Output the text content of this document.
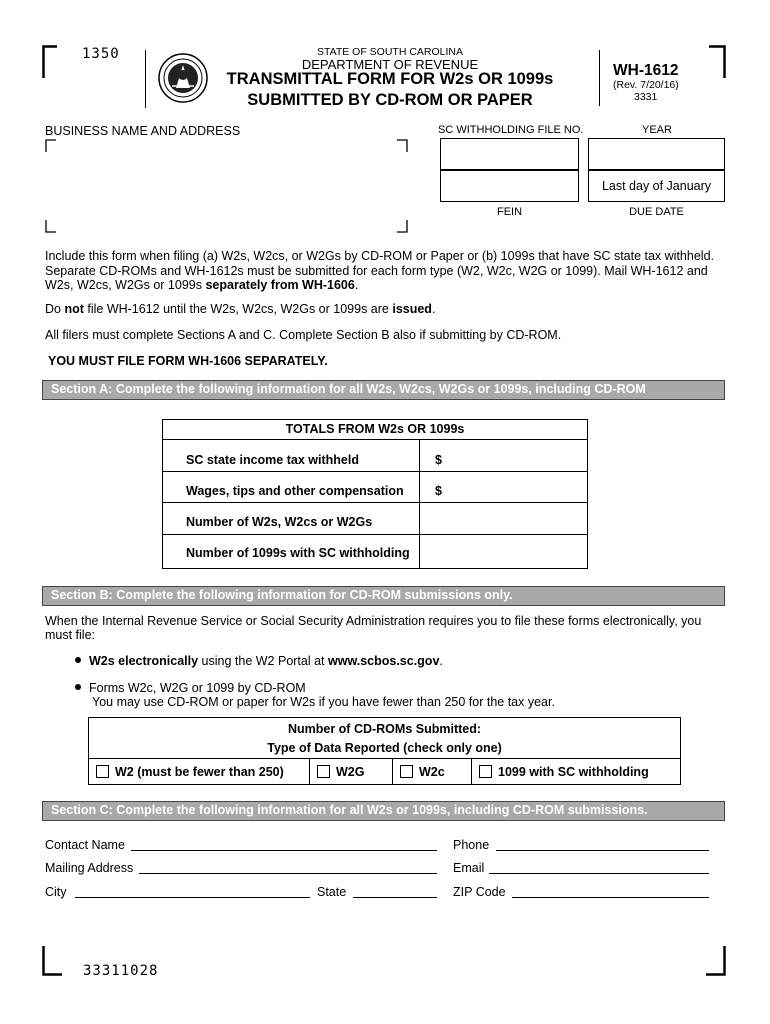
1350	STATE OF SOUTH CAROLINA
DEPARTMENT OF REVENUE
TRANSMITTAL FORM FOR W2s OR 1099s
SUBMITTED BY CD-ROM OR PAPER
WH-1612
(Rev. 7/20/16)
3331
BUSINESS NAME AND ADDRESS	SC WITHHOLDING FILE NO.	YEAR
Last day of January
FEIN	DUE DATE
Include this form when filing (a) W2s, W2cs, or W2Gs by CD-ROM or Paper or (b) 1099s that have SC state tax withheld. Separate CD-ROMs and WH-1612s must be submitted for each form type (W2, W2c, W2G or 1099). Mail WH-1612 and W2s, W2cs, W2Gs or 1099s separately from WH-1606.
Do not file WH-1612 until the W2s, W2cs, W2Gs or 1099s are issued.
All filers must complete Sections A and C. Complete Section B also if submitting by CD-ROM.
YOU MUST FILE FORM WH-1606 SEPARATELY.
Section A: Complete the following information for all W2s, W2cs, W2Gs or 1099s, including CD-ROM
TOTALS FROM W2s OR 1099s
SC state income tax withheld	$
Wages, tips and other compensation	$
Number of W2s, W2cs or W2Gs
Number of 1099s with SC withholding
Section B: Complete the following information for CD-ROM submissions only.
When the Internal Revenue Service or Social Security Administration requires you to file these forms electronically, you must file:
W2s electronically using the W2 Portal at www.scbos.sc.gov.
Forms W2c, W2G or 1099 by CD-ROM
You may use CD-ROM or paper for W2s if you have fewer than 250 for the tax year.
Number of CD-ROMs Submitted:
Type of Data Reported (check only one)
W2 (must be fewer than 250)	W2G	W2c	1099 with SC withholding
Section C: Complete the following information for all W2s or 1099s, including CD-ROM submissions.
Contact Name	Phone
Mailing Address	Email
City	State	ZIP Code
33311028
